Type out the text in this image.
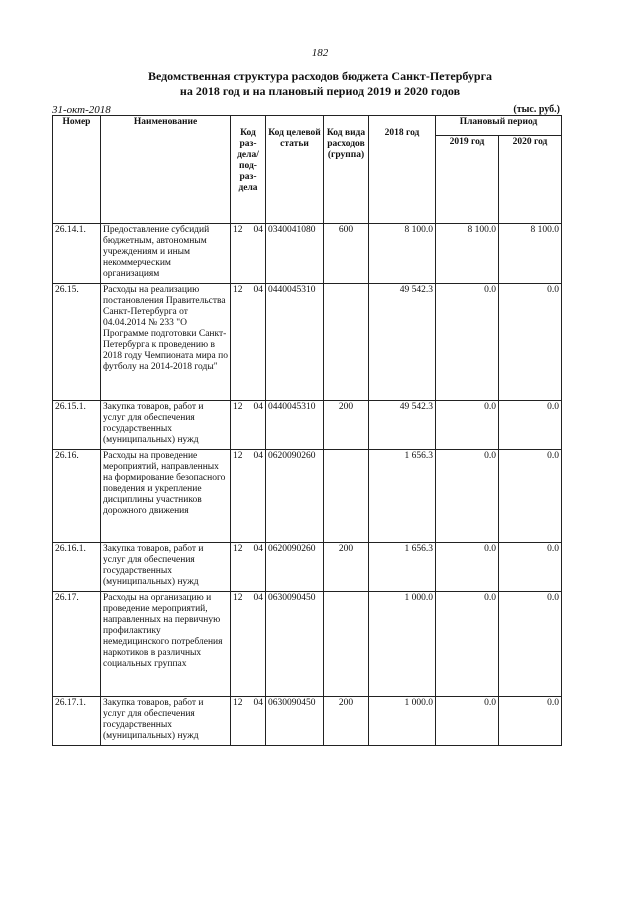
182
Ведомственная структура расходов бюджета Санкт-Петербурга
на 2018 год и на плановый период 2019 и 2020 годов
31-окт-2018	(тыс. руб.)
Номер	Наименование	Код раз- дела/ под- раз- дела	Код целевой статьи	Код вида расходов (группа)	2018 год	Плановый период	
						2019 год	2020 год
26.14.1.	Предоставление субсидий бюджетным, автономным учреждениям и иным некоммерческим организациям	12 04	0340041080	600	8 100.0	8 100.0	8 100.0
26.15.	Расходы на реализацию постановления Правительства Санкт-Петербурга от 04.04.2014 № 233 "О Программе подготовки Санкт-Петербурга к проведению в 2018 году Чемпионата мира по футболу на 2014-2018 годы"	12 04	0440045310		49 542.3	0.0	0.0
26.15.1.	Закупка товаров, работ и услуг для обеспечения государственных (муниципальных) нужд	12 04	0440045310	200	49 542.3	0.0	0.0
26.16.	Расходы на проведение мероприятий, направленных на формирование безопасного поведения и укрепление дисциплины участников дорожного движения	12 04	0620090260		1 656.3	0.0	0.0
26.16.1.	Закупка товаров, работ и услуг для обеспечения государственных (муниципальных) нужд	12 04	0620090260	200	1 656.3	0.0	0.0
26.17.	Расходы на организацию и проведение мероприятий, направленных на первичную профилактику немедицинского потребления наркотиков в различных социальных группах	12 04	0630090450		1 000.0	0.0	0.0
26.17.1.	Закупка товаров, работ и услуг для обеспечения государственных (муниципальных) нужд	12 04	0630090450	200	1 000.0	0.0	0.0
